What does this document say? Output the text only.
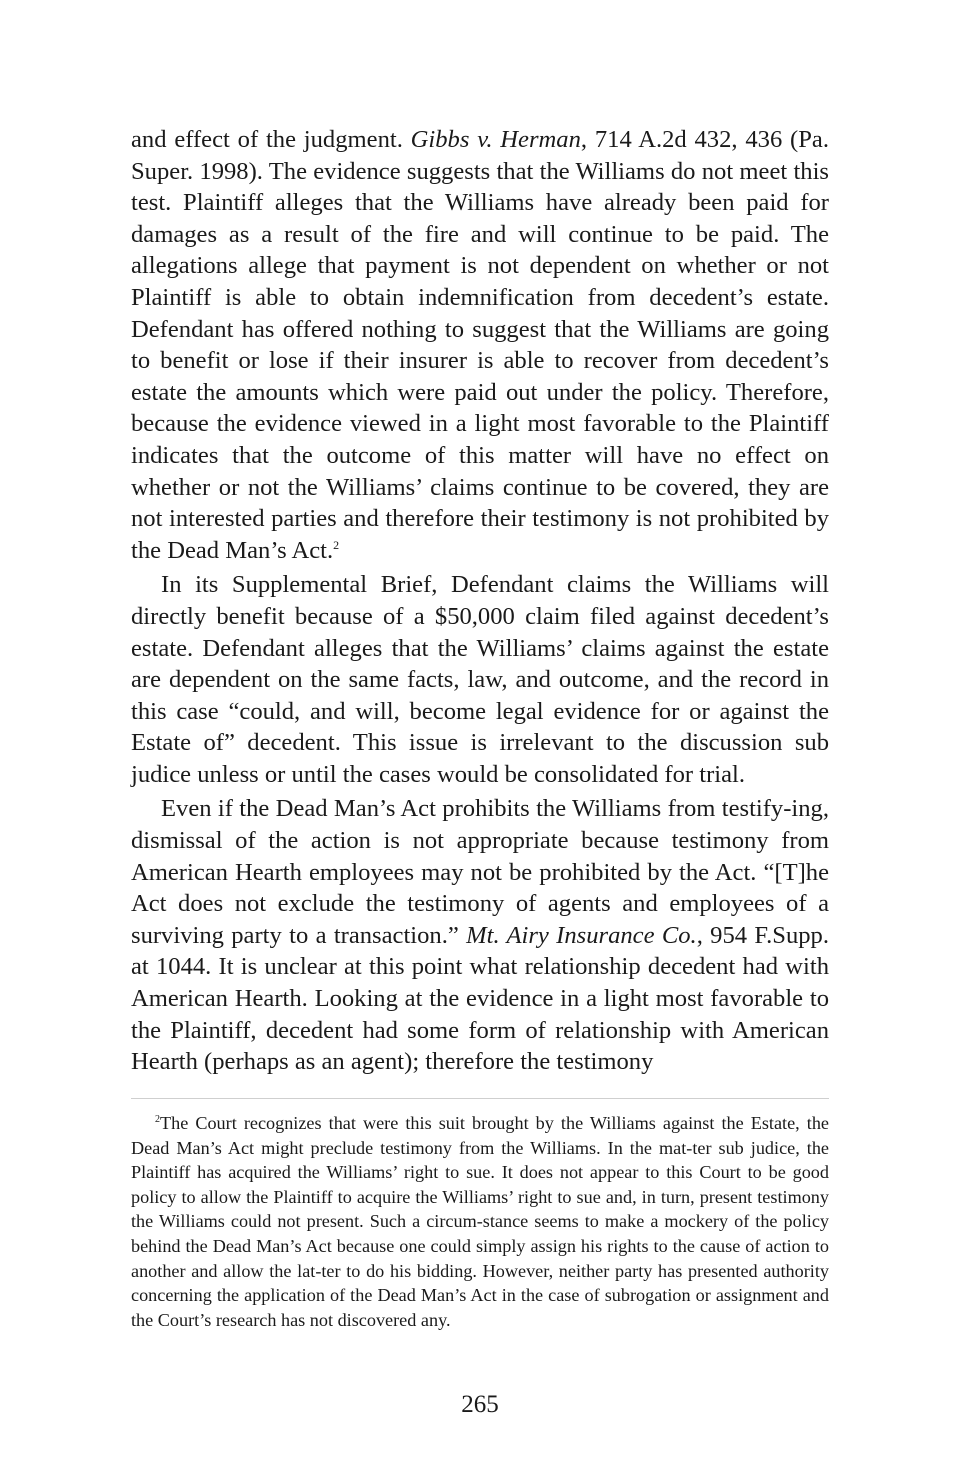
and effect of the judgment. Gibbs v. Herman, 714 A.2d 432, 436 (Pa. Super. 1998). The evidence suggests that the Williams do not meet this test. Plaintiff alleges that the Williams have already been paid for damages as a result of the fire and will continue to be paid. The allegations allege that payment is not dependent on whether or not Plaintiff is able to obtain indemnification from decedent’s estate. Defendant has offered nothing to suggest that the Williams are going to benefit or lose if their insurer is able to recover from decedent’s estate the amounts which were paid out under the policy. Therefore, because the evidence viewed in a light most favorable to the Plaintiff indicates that the outcome of this matter will have no effect on whether or not the Williams’ claims continue to be covered, they are not interested parties and therefore their testimony is not prohibited by the Dead Man’s Act.$^2$

In its Supplemental Brief, Defendant claims the Williams will directly benefit because of a $50,000 claim filed against decedent’s estate. Defendant alleges that the Williams’ claims against the estate are dependent on the same facts, law, and outcome, and the record in this case “could, and will, become legal evidence for or against the Estate of” decedent. This issue is irrelevant to the discussion sub judice unless or until the cases would be consolidated for trial.

Even if the Dead Man’s Act prohibits the Williams from testify-ing, dismissal of the action is not appropriate because testimony from American Hearth employees may not be prohibited by the Act. “[T]he Act does not exclude the testimony of agents and employees of a surviving party to a transaction.” Mt. Airy Insurance Co., 954 F.Supp. at 1044. It is unclear at this point what relationship decedent had with American Hearth. Looking at the evidence in a light most favorable to the Plaintiff, decedent had some form of relationship with American Hearth (perhaps as an agent); therefore the testimony

$^2$The Court recognizes that were this suit brought by the Williams against the Estate, the Dead Man’s Act might preclude testimony from the Williams. In the mat-ter sub judice, the Plaintiff has acquired the Williams’ right to sue. It does not appear to this Court to be good policy to allow the Plaintiff to acquire the Williams’ right to sue and, in turn, present testimony the Williams could not present. Such a circum-stance seems to make a mockery of the policy behind the Dead Man’s Act because one could simply assign his rights to the cause of action to another and allow the lat-ter to do his bidding. However, neither party has presented authority concerning the application of the Dead Man’s Act in the case of subrogation or assignment and the Court’s research has not discovered any.
265
